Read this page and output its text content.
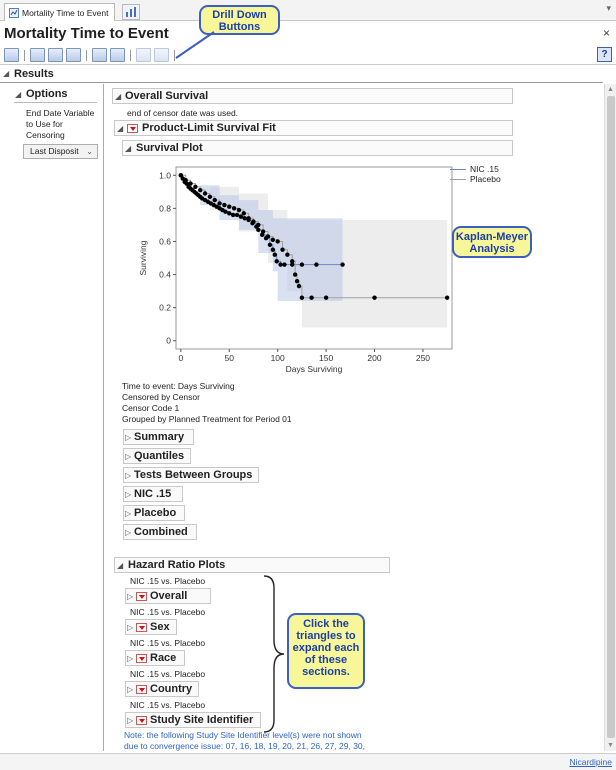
Mortality Time to Event	▾
Mortality Time to Event	×
?
Drill Down Buttons
◢ Results
▲
▼
◢ Options
End Date Variable to Use for Censoring
Last Disposit ⌄
◢ Overall Survival
end of censor date was used.
◢ Product-Limit Survival Fit
◢ Survival Plot
0	50	100	150	200	250
0
0.2
0.4
0.6
0.8
1.0
Days Surviving
Surviving
NIC .15
Placebo
Kaplan-Meyer Analysis
Time to event: Days Surviving
Censored by Censor
Censor Code 1
Grouped by Planned Treatment for Period 01
▷ Summary
▷ Quantiles
▷ Tests Between Groups
▷ NIC .15
▷ Placebo
▷ Combined
◢ Hazard Ratio Plots
NIC .15 vs. Placebo
▷ Overall
NIC .15 vs. Placebo
▷ Sex
NIC .15 vs. Placebo
▷ Race
NIC .15 vs. Placebo
▷ Country
NIC .15 vs. Placebo
▷ Study Site Identifier
Note: the following Study Site Identifier level(s) were not shown due to convergence issue: 07, 16, 18, 19, 20, 21, 26, 27, 29, 30,
Click the triangles to expand each of these sections.
Nicardipine
